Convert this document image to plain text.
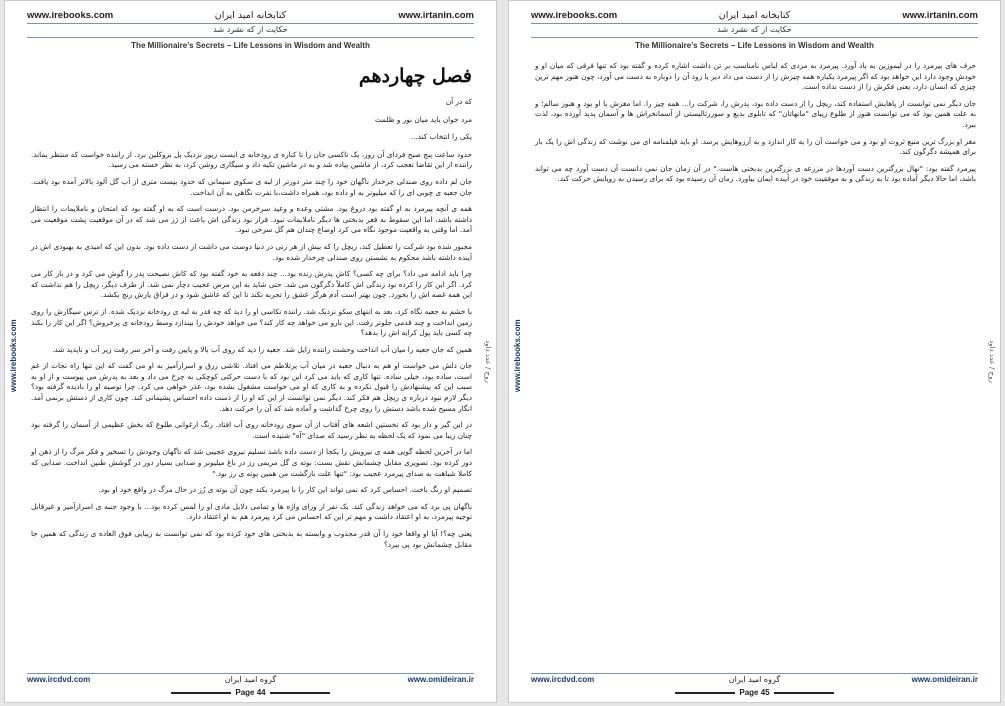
www.irebooks.com	کتابخانه امید ایران	www.irtanin.com
حکایت از که نشرد شد
The Millionaire’s Secrets – Life Lessons in Wisdom and Wealth
www.irebooks.com	روح / عدد داود
فصل چهاردهم

که در آن

مرد جوان باید میان نور و ظلمت

یکی را انتخاب کند...

حدود ساعت پنج صبح فردای آن روز، یک تاکسی جان را تا کناره ی رودخانه ی ایست ریور نزدیک پل بروکلین برد. از راننده خواست که منتظر بماند. راننده از این تقاضا تعجب کرد، از ماشین پیاده شد و به در ماشین تکیه داد و سیگاری روشن کرد، به نظر خسته می رسید.

جان لم داده روی صندلی جرخدار ناگهان خود را چند متر دورتر از لبه ی سکوی سیمانی که حدود بیست متری از آب گل آلود بالاتر آمده بود یافت. جان جعبه ی چوبی ای را که میلیونر به او داده بود، همراه داشت،با نفرت نگاهی به آن انداخت.

همه ی آنچه پیرمرد به او گفته بود دروغ بود. مشتی وعده و وعید سرخرمن بود. درست است که به او گفته بود که امتحان و ناملایمات را انتظار داشته باشد، اما این سقوط به قعر بدبختی ها دیگر ناملایمات نبود. قرار بود زندگی اش باعث از رَز می شد که در آن موقعیت پشت موقعیت می آمد. اما وقتی به واقعیت موجود نگاه می کرد اوضاع چندان هم گل سرخی نبود.

مجبور شده بود شرکت را تعطیل کند، ریچل را که بیش از هر زنی در دنیا دوست می داشت از دست داده بود. بدون این که امیدی به بهبودی اش در آینده داشته باشد محکوم به نشستن روی صندلی چرخدار شده بود.

چرا باید ادامه می داد؟ برای چه کسی؟ کاش پدرش زنده بود... چند دفعه به خود گفته بود که کاش نصیحت پدر را گوش می کرد و در بار کار می کرد. اگر این کار را کرده بود زندگی اش کاملاً دگرگون می شد. حتی شاید به این مرض عجیب دچار نمی شد. از طرف دیگر، ریچل را هم نداشت که این همه غصه اش را بخورد. چون بهتر است آدم هرگز عشق را تجربه نکند تا این که عاشق شود و در فراق یارش رنج بکشد.

با خشم به جعبه نگاه کرد، بعد به انتهای سکو نزدیک شد. راننده تکاسی او را دید که چه قدر به لبه ی رودخانه نزدیک شده. از ترس سیگارش را روی زمین انداخت و چند قدمی جلوتر رفت. این بارو می خواهد چه کار کند؟ می خواهد خودش را بیندازد وسط رودخانه ی پرخروش؟ اگر این کار را بکند چه کسی باید پول کرایه اش را بدهد؟

همین که جان جعبه را میان آب انداخت وحشت راننده زایل شد. جعبه را دید که روی آب بالا و پایین رفت و آخر سر رفت زیر آب و ناپدید شد.

جان دلش می خواست او هم به دنبال جعبه در میان آب پرتلاطم می افتاد. تلاشی زرق و اسرارآمیز به او می گفت که این تنها راه نجات از غم است، ساده بود، خیلی ساده. تنها کاری که باید می کرد این بود که با دست حرکتی کوچکی به چرخ می داد و بعد به پدرش می پیوست و از او به سبب این که پیشنهادش را قبول نکرده و به کاری که او می خواست مشغول نشده بود، عذر خواهی می کرد. چرا توصیه او را نادیده گرفته بود؟ دیگر لازم نبود درباره ی ریچل هم فکر کند. دیگر نمی توانست از این که او را از دست داده احساس پشیمانی کند. چون کاری از دستش برنمی آمد. انگار مسیح شده باشد دستش را روی چرخ گذاشت و آماده شد که آن را حرکت دهد.

در این گیر و دار بود که نخستین اشعه های آفتاب از آن سوی رودخانه روی آب افتاد. رنگ ارغوانی طلوع که بخش عظیمی از آسمان را گرفته بود چنان زیبا می نمود که یک لحظه به نظر رسید که صدای "آه" شنیده است.

اما در آخرین لحظه گویی همه ی نیرویش را یکجا از دست داده باشد تسلیم نیروی عجیبی شد که ناگهان وجودش را تسخیر و فکر مرگ را از ذهن او دور کرده بود. تصویری مقابل چشمانش نقش بست: بوته ی گل مریمی رز در باغ میلیونر و صدایی بسیار دور در گوشش طنین انداخت. صدایی که کاملا شباهت به صدای پیرمرد عجیب بود: "تنها علت بازگشت من همین بوته ی رز بود."

تصمیم او رنگ باخت. احساس کرد که نمی تواند این کار را با پیرمرد بکند چون آن بوته ی رُز در حال مرگ در واقع خود او بود.

ناگهان پی برد که می خواهد زندگی کند. یک نفر از ورای واژه ها و تمامی دلایل مادی او را لمس کرده بود... با وجود جنبه ی اسرارآمیز و غیرقابل توجیه پیرمرد، به او اعتقاد داشت و مهم تر این که احساس می کرد پیرمرد هم به او اعتقاد دارد.

یعنی چه؟! آیا او واقعا خود را آن قدر مجذوب و وابسته به بدبختی های خود کرده بود که نمی توانست به زیبایی فوق العاده ی زندگی که همین جا مقابل چشمانش بود پی ببرد؟

www.ircdvd.com	گروه امید ایران	www.omideiran.ir
Page 44
www.irebooks.com	کتابخانه امید ایران	www.irtanin.com
حکایت از که نشرد شد
The Millionaire’s Secrets – Life Lessons in Wisdom and Wealth
www.irebooks.com	روح / عدد داود

حرف های پیرمرد را در لیموزین به یاد آورد. پیرمرد به مردی که لباس نامناسب بر تن داشت اشاره کرده و گفته بود که تنها فرقی که میان او و خودش وجود دارد این خواهد بود که اگر پیرمرد یکباره همه چیزش را از دست می داد دیر یا زود آن را دوباره به دست می آورد، چون هنوز مهم ترین چیزی که انسان دارد، یعنی فکرش را از دست نداده است.

جان دیگر نمی توانست از پاهایش استفاده کند، ریچل را از دست داده بود، پدرش را، شرکت را... همه چیز را. اما مغزش با او بود و هنوز سالم؛ و به علت همین بود که می توانست هنوز از طلوع زیبای "مانهاتان" که تابلوی بدیع و سوررئالیستی از آسمانخراش ها و آسمان پدید آورده بود، لذت ببرد.

مغز او بزرگ ترین منبع ثروت او بود و می خواست آن را به کار اندازد و به آرزوهایش برسد. او باید فیلمنامه ای می نوشت که زندگی اش را یک بار برای همیشه دگرگون کند.

پیرمرد گفته بود: "نهال بزرگترین دست آوردها در مزرعه ی بزرگترین بدبختی هاست." در آن زمان جان نمی دانست آن دست آورد چه می تواند باشد، اما حالا دیگر آماده بود تا به زندگی و به موفقیت خود در آینده ایمان بیاورد. زمان آن رسیده بود که برای رسیدن به رویایش حرکت کند.

www.ircdvd.com	گروه امید ایران	www.omideiran.ir
Page 45
